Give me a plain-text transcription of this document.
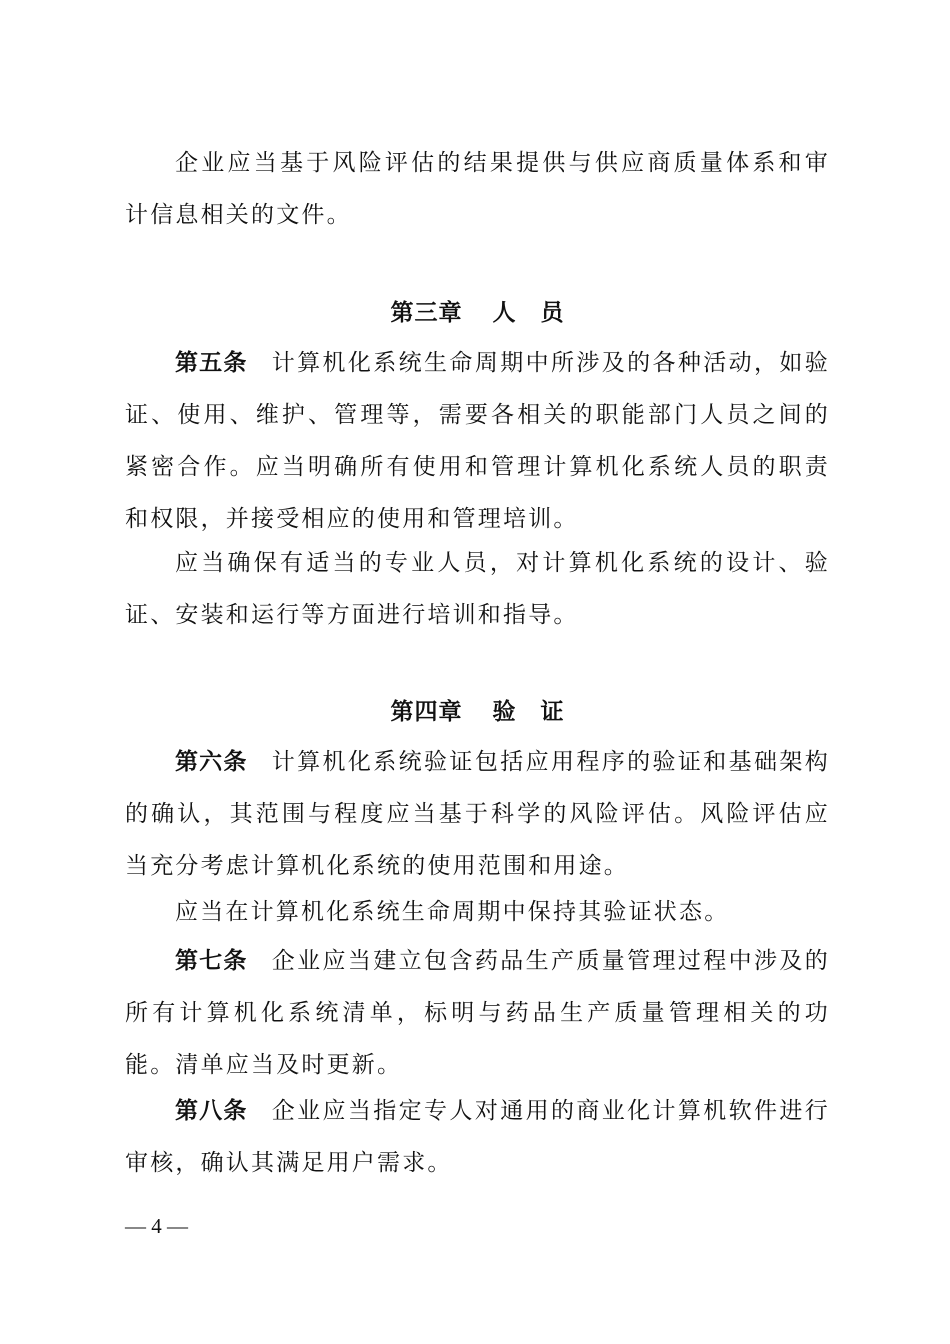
企业应当基于风险评估的结果提供与供应商质量体系和审计信息相关的文件。

第三章 人　员

第五条 计算机化系统生命周期中所涉及的各种活动，如验证、使用、维护、管理等，需要各相关的职能部门人员之间的紧密合作。应当明确所有使用和管理计算机化系统人员的职责和权限，并接受相应的使用和管理培训。

应当确保有适当的专业人员，对计算机化系统的设计、验证、安装和运行等方面进行培训和指导。

第四章 验　证

第六条 计算机化系统验证包括应用程序的验证和基础架构的确认，其范围与程度应当基于科学的风险评估。风险评估应当充分考虑计算机化系统的使用范围和用途。

应当在计算机化系统生命周期中保持其验证状态。

第七条 企业应当建立包含药品生产质量管理过程中涉及的所有计算机化系统清单，标明与药品生产质量管理相关的功能。清单应当及时更新。

第八条 企业应当指定专人对通用的商业化计算机软件进行审核，确认其满足用户需求。

— 4 —
